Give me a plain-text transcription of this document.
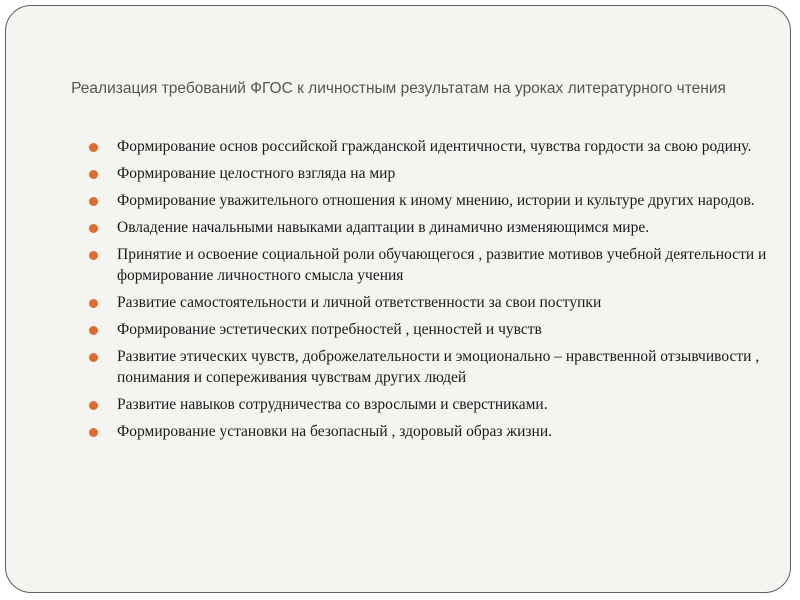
Реализация требований ФГОС к личностным результатам на уроках литературного чтения
Формирование основ российской гражданской идентичности, чувства гордости за свою родину.
Формирование целостного взгляда на мир
Формирование уважительного отношения к иному мнению, истории и культуре других народов.
Овладение начальными навыками адаптации в динамично изменяющимся мире.
Принятие и освоение социальной роли обучающегося , развитие мотивов учебной деятельности и формирование личностного смысла учения
Развитие самостоятельности и личной ответственности за свои поступки
Формирование эстетических потребностей , ценностей и чувств
Развитие этических чувств, доброжелательности и эмоционально – нравственной отзывчивости , понимания и сопереживания чувствам других людей
Развитие навыков сотрудничества со взрослыми и сверстниками.
Формирование установки на безопасный , здоровый образ жизни.
